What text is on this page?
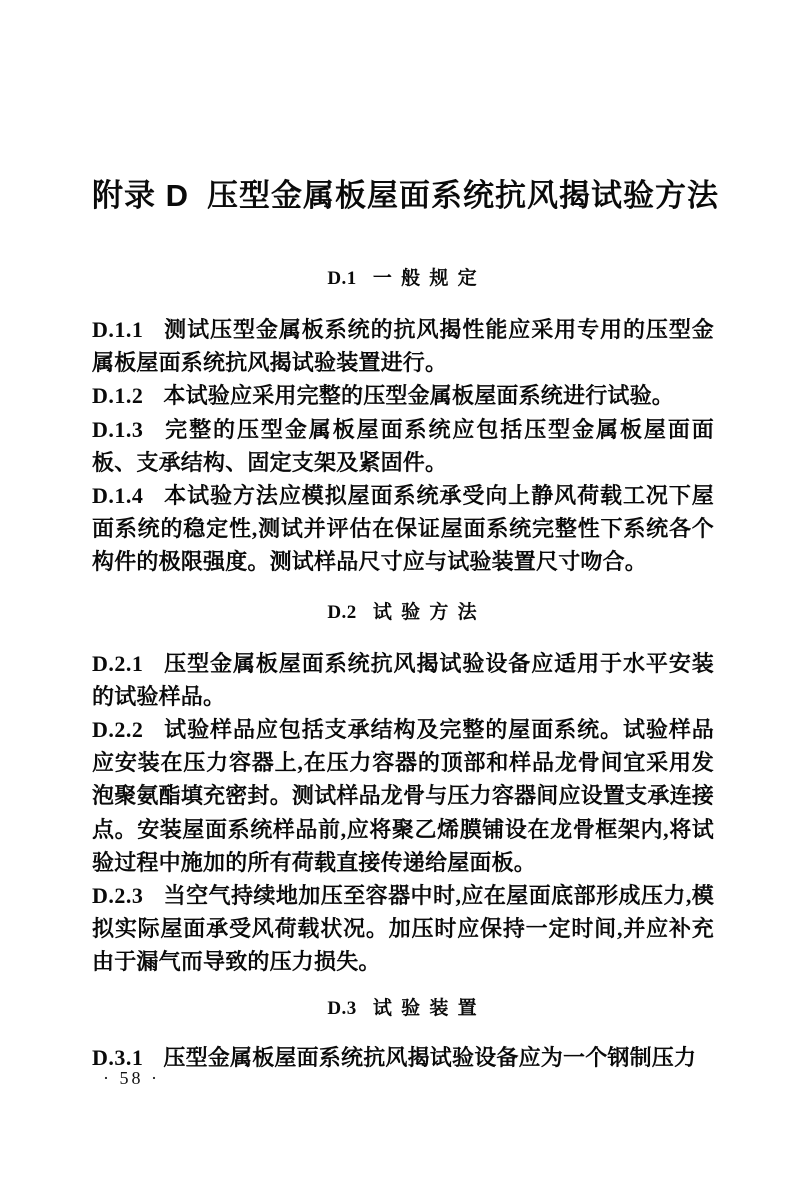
附录 D 压型金属板屋面系统抗风揭试验方法
D.1 一 般 规 定

D.1.1 测试压型金属板系统的抗风揭性能应采用专用的压型金属板屋面系统抗风揭试验装置进行。

D.1.2 本试验应采用完整的压型金属板屋面系统进行试验。

D.1.3 完整的压型金属板屋面系统应包括压型金属板屋面面板、支承结构、固定支架及紧固件。

D.1.4 本试验方法应模拟屋面系统承受向上静风荷载工况下屋面系统的稳定性,测试并评估在保证屋面系统完整性下系统各个构件的极限强度。测试样品尺寸应与试验装置尺寸吻合。

D.2 试 验 方 法

D.2.1 压型金属板屋面系统抗风揭试验设备应适用于水平安装的试验样品。

D.2.2 试验样品应包括支承结构及完整的屋面系统。试验样品应安装在压力容器上,在压力容器的顶部和样品龙骨间宜采用发泡聚氨酯填充密封。测试样品龙骨与压力容器间应设置支承连接点。安装屋面系统样品前,应将聚乙烯膜铺设在龙骨框架内,将试验过程中施加的所有荷载直接传递给屋面板。

D.2.3 当空气持续地加压至容器中时,应在屋面底部形成压力,模拟实际屋面承受风荷载状况。加压时应保持一定时间,并应补充由于漏气而导致的压力损失。

D.3 试 验 装 置

D.3.1 压型金属板屋面系统抗风揭试验设备应为一个钢制压力

· 58 ·
